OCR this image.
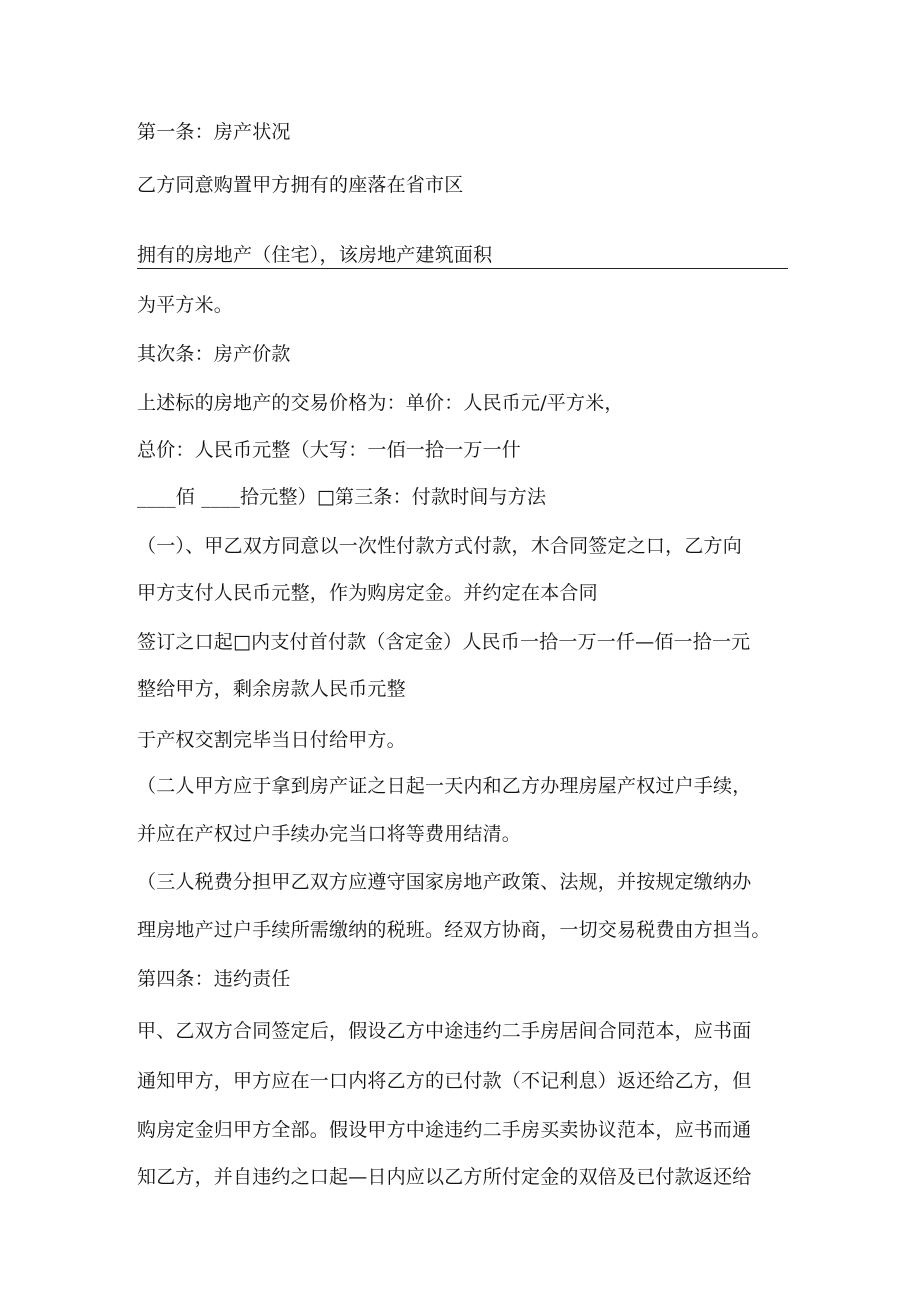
第一条：房产状况
乙方同意购置甲方拥有的座落在省市区
拥有的房地产（住宅），该房地产建筑面积
为平方米。
其次条：房产价款
上述标的房地产的交易价格为：单价：人民币元/平方米，
总价：人民币元整（大写：一佰一拾一万一什
____佰 ____拾元整）□第三条：付款时间与方法
（一）、甲乙双方同意以一次性付款方式付款，木合同签定之口，乙方向
甲方支付人民币元整，作为购房定金。并约定在本合同
签订之口起□内支付首付款（含定金）人民币一拾一万一仟—佰一拾一元
整给甲方，剩余房款人民币元整
于产权交割完毕当日付给甲方。
（二人甲方应于拿到房产证之日起一天内和乙方办理房屋产权过户手续，
并应在产权过户手续办完当口将等费用结清。
（三人税费分担甲乙双方应遵守国家房地产政策、法规，并按规定缴纳办
理房地产过户手续所需缴纳的税班。经双方协商，一切交易税费由方担当。
第四条：违约责任
甲、乙双方合同签定后，假设乙方中途违约二手房居间合同范本，应书面
通知甲方，甲方应在一口内将乙方的已付款（不记利息）返还给乙方，但
购房定金归甲方全部。假设甲方中途违约二手房买卖协议范本，应书而通
知乙方，并自违约之口起—日内应以乙方所付定金的双倍及已付款返还给
